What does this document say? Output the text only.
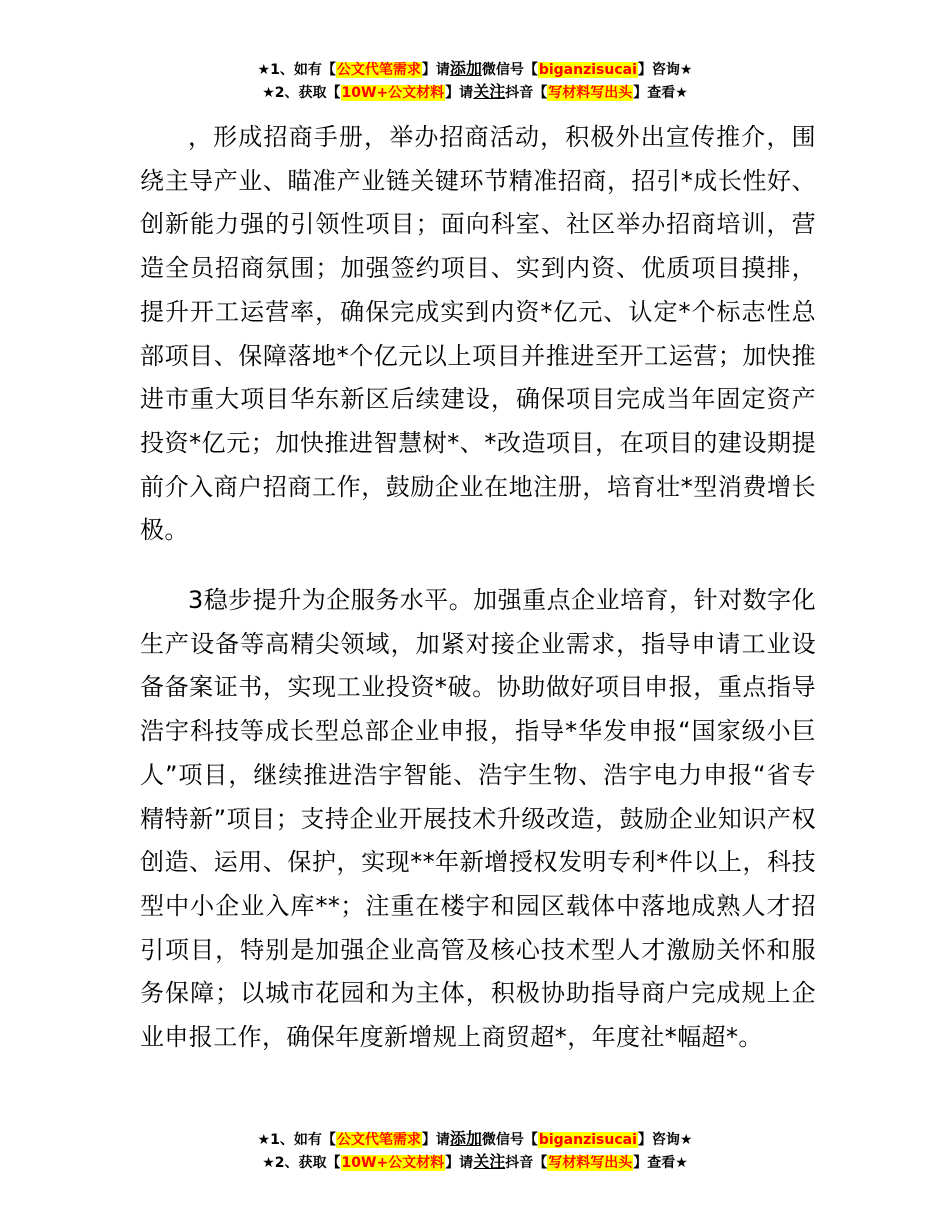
★1、如有【公文代笔需求】请添加微信号【biganzisucai】咨询★
★2、获取【10W+公文材料】请关注抖音【写材料写出头】查看★

，形成招商手册，举办招商活动，积极外出宣传推介，围绕主导产业、瞄准产业链关键环节精准招商，招引*成长性好、创新能力强的引领性项目；面向科室、社区举办招商培训，营造全员招商氛围；加强签约项目、实到内资、优质项目摸排，提升开工运营率，确保完成实到内资*亿元、认定*个标志性总部项目、保障落地*个亿元以上项目并推进至开工运营；加快推进市重大项目华东新区后续建设，确保项目完成当年固定资产投资*亿元；加快推进智慧树*、*改造项目，在项目的建设期提前介入商户招商工作，鼓励企业在地注册，培育壮*型消费增长极。

3稳步提升为企服务水平。加强重点企业培育，针对数字化生产设备等高精尖领域，加紧对接企业需求，指导申请工业设备备案证书，实现工业投资*破。协助做好项目申报，重点指导浩宇科技等成长型总部企业申报，指导*华发申报“国家级小巨人”项目，继续推进浩宇智能、浩宇生物、浩宇电力申报“省专精特新”项目；支持企业开展技术升级改造，鼓励企业知识产权创造、运用、保护，实现**年新增授权发明专利*件以上，科技型中小企业入库**；注重在楼宇和园区载体中落地成熟人才招引项目，特别是加强企业高管及核心技术型人才激励关怀和服务保障；以城市花园和为主体，积极协助指导商户完成规上企业申报工作，确保年度新增规上商贸超*，年度社*幅超*。

★1、如有【公文代笔需求】请添加微信号【biganzisucai】咨询★
★2、获取【10W+公文材料】请关注抖音【写材料写出头】查看★
